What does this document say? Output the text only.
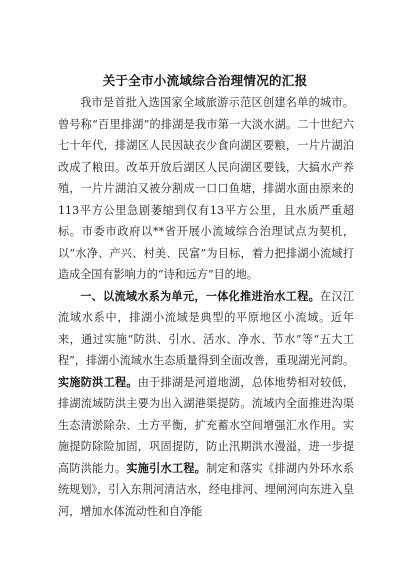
关于全市小流域综合治理情况的汇报

我市是首批入选国家全域旅游示范区创建名单的城市。曾号称“百里排湖”的排湖是我市第一大淡水湖。二十世纪六七十年代，排湖区人民因缺衣少食向湖区要粮，一片片湖泊改成了粮田。改革开放后湖区人民向湖区要钱，大搞水产养殖，一片片湖泊又被分割成一口口鱼塘，排湖水面由原来的113平方公里急剧萎缩到仅有13平方公里，且水质严重超标。市委市政府以**省开展小流域综合治理试点为契机，以“水净、产兴、村美、民富”为目标，着力把排湖小流域打造成全国有影响力的“诗和远方”目的地。

一、以流域水系为单元，一体化推进治水工程。在汉江流域水系中，排湖小流域是典型的平原地区小流域。近年来，通过实施“防洪、引水、活水、净水、节水”等“五大工程”，排湖小流域水生态质量得到全面改善，重现湖光河韵。实施防洪工程。由于排湖是河道地湖，总体地势相对较低，排湖流域防洪主要为出入湖港渠提防。流域内全面推进沟渠生态清淤除杂、土方平衡，扩充蓄水空间增强汇水作用。实施提防除险加固，巩固提防，防止汛期洪水漫溢，进一步提高防洪能力。实施引水工程。制定和落实《排湖内外环水系统规划》，引入东荆河清洁水，经电排河、埋闸河向东进入皇河，增加水体流动性和自净能
